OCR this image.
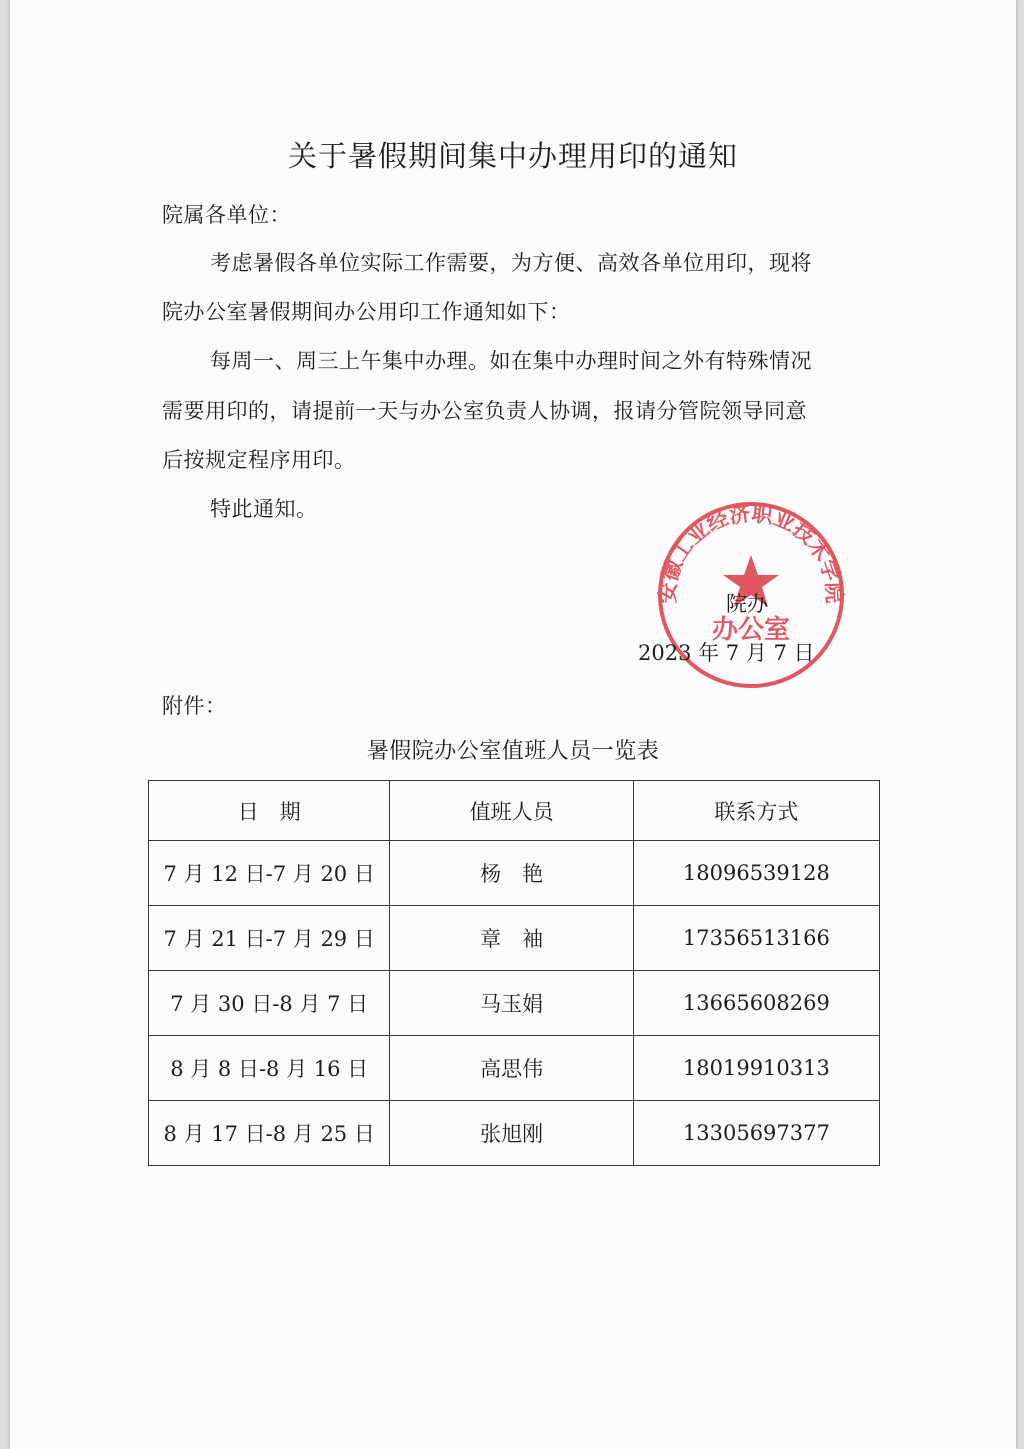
关于暑假期间集中办理用印的通知
院属各单位：
考虑暑假各单位实际工作需要，为方便、高效各单位用印，现将
院办公室暑假期间办公用印工作通知如下：
每周一、周三上午集中办理。如在集中办理时间之外有特殊情况
需要用印的，请提前一天与办公室负责人协调，报请分管院领导同意
后按规定程序用印。
特此通知。
安徽工业经济职业技术学院
办公室
院办
2023 年 7 月 7 日
附件：
暑假院办公室值班人员一览表
日　期	值班人员	联系方式
7 月 12 日-7 月 20 日	杨　艳	18096539128
7 月 21 日-7 月 29 日	章　袖	17356513166
7 月 30 日-8 月 7 日	马玉娟	13665608269
8 月 8 日-8 月 16 日	高思伟	18019910313
8 月 17 日-8 月 25 日	张旭刚	13305697377
